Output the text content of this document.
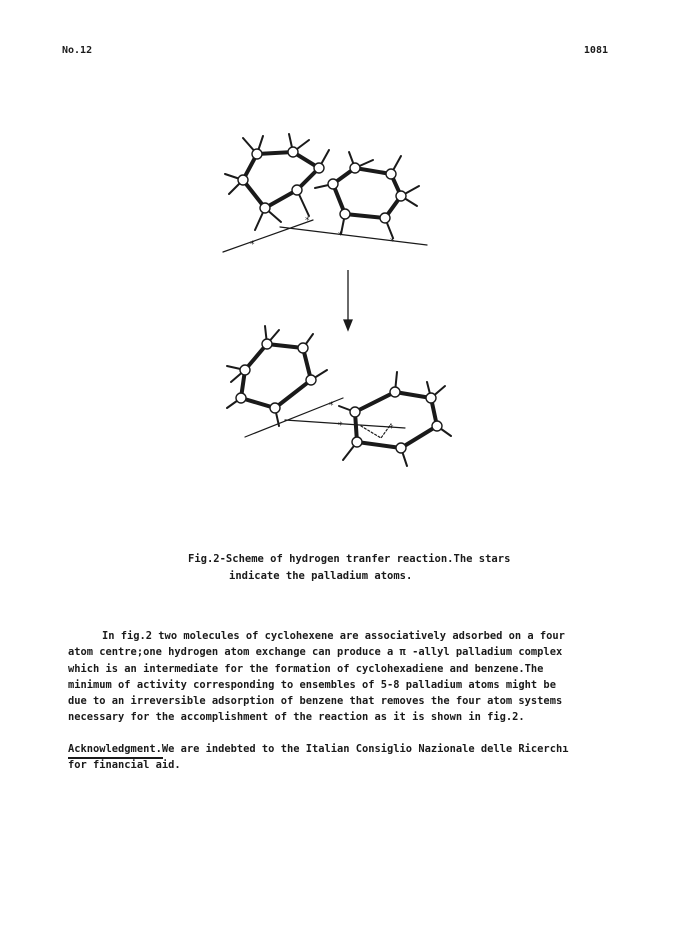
No.12	1081
*
*
*
*
*
*	*
Fig.2-Scheme of hydrogen tranfer reaction.The stars
indicate the palladium atoms.
In fig.2 two molecules of cyclohexene are associatively adsorbed on a four
atom centre;one hydrogen atom exchange can produce a π -allyl palladium complex
which is an intermediate for the formation of cyclohexadiene and benzene.The
minimum of activity corresponding to ensembles of 5-8 palladium atoms might be
due to an irreversible adsorption of benzene that removes the four atom systems
necessary for the accomplishment of the reaction as it is shown in fig.2.
Acknowledgment.We are indebted to the Italian Consiglio Nazionale delle Ricerchı
for financial aid.
